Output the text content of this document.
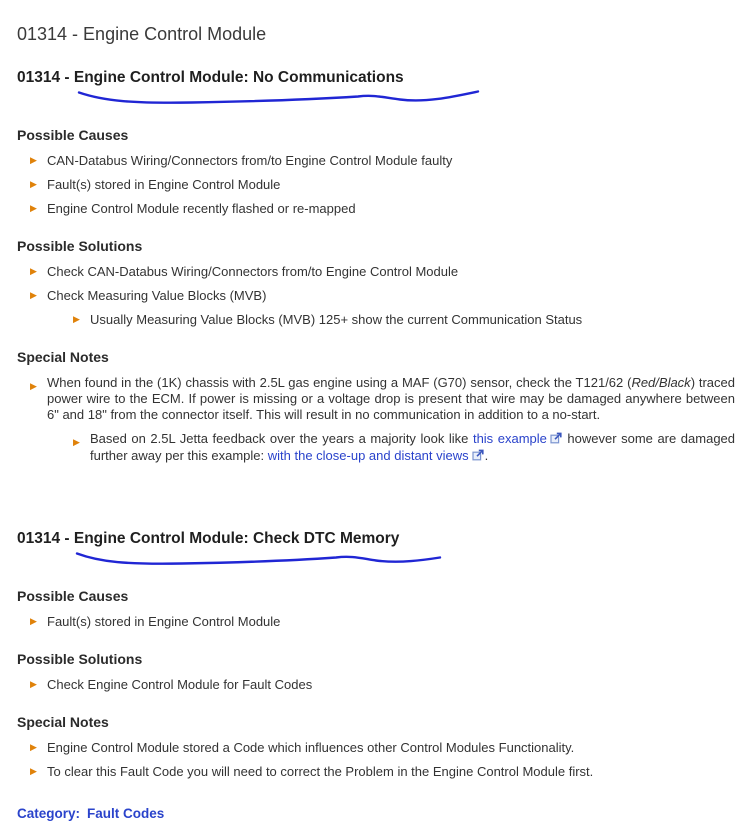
01314 - Engine Control Module
01314 - Engine Control Module: No Communications
Possible Causes
▶ CAN-Databus Wiring/Connectors from/to Engine Control Module faulty
▶ Fault(s) stored in Engine Control Module
▶ Engine Control Module recently flashed or re-mapped
Possible Solutions
▶ Check CAN-Databus Wiring/Connectors from/to Engine Control Module
▶ Check Measuring Value Blocks (MVB)
▶ Usually Measuring Value Blocks (MVB) 125+ show the current Communication Status
Special Notes
▶ When found in the (1K) chassis with 2.5L gas engine using a MAF (G70) sensor, check the T121/62 (Red/Black) traced power wire to the ECM. If power is missing or a voltage drop is present that wire may be damaged anywhere between 6" and 18" from the connector itself. This will result in no communication in addition to a no-start.
▶ Based on 2.5L Jetta feedback over the years a majority look like this example however some are damaged further away per this example: with the close-up and distant views .
01314 - Engine Control Module: Check DTC Memory
Possible Causes
▶ Fault(s) stored in Engine Control Module
Possible Solutions
▶ Check Engine Control Module for Fault Codes
Special Notes
▶ Engine Control Module stored a Code which influences other Control Modules Functionality.
▶ To clear this Fault Code you will need to correct the Problem in the Engine Control Module first.
Category: Fault Codes
